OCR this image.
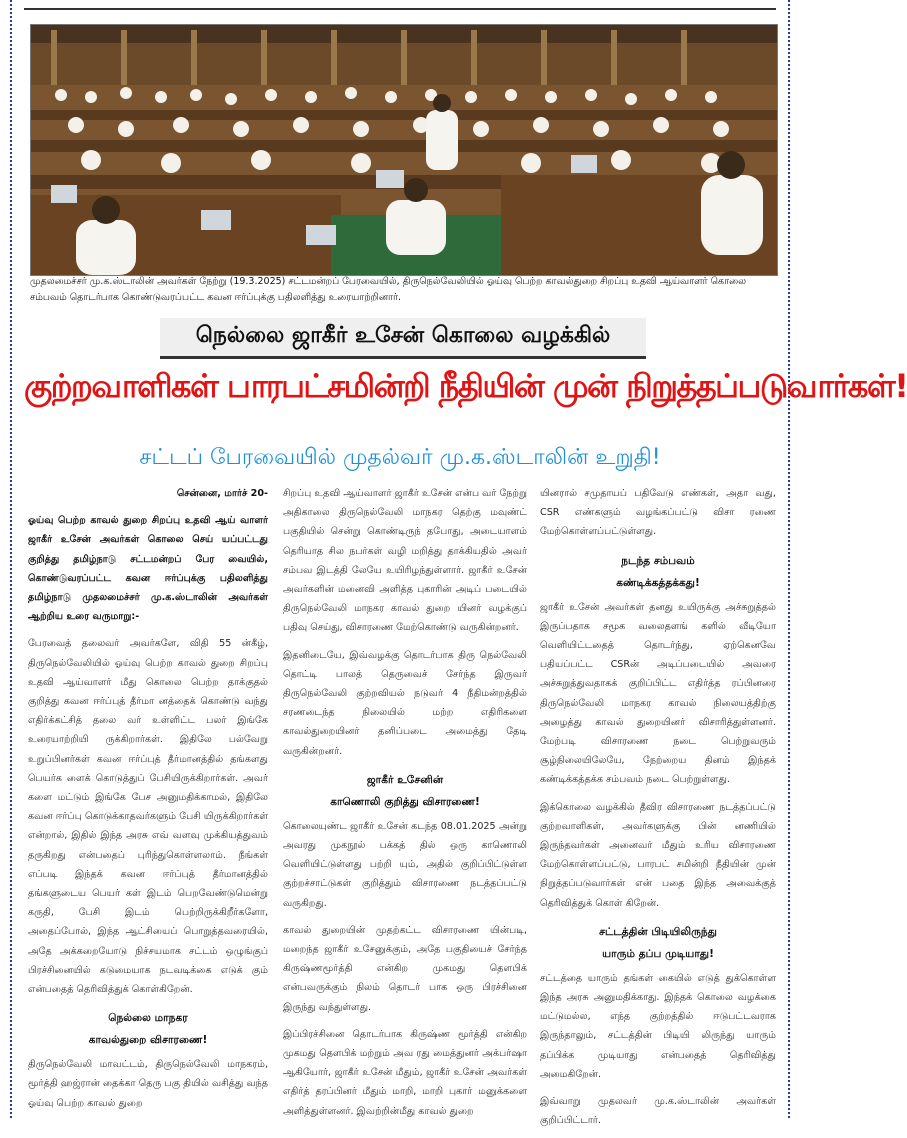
முதலமைச்சர் மு.க.ஸ்டாலின் அவர்கள் நேற்று (19.3.2025) சட்டமன்றப் பேரவையில், திருநெல்வேலியில் ஓய்வு பெற்ற காவல்துறை சிறப்பு உதவி ஆய்வாளர் கொலை சம்பவம் தொடர்பாக கொண்டுவரப்பட்ட கவன ஈர்ப்புக்கு பதிலளித்து உரையாற்றினார்.
நெல்லை ஜாகீர் உசேன் கொலை வழக்கில்
குற்றவாளிகள் பாரபட்சமின்றி நீதியின் முன் நிறுத்தப்படுவார்கள்!
சட்டப் பேரவையில் முதல்வர் மு.க.ஸ்டாலின் உறுதி!

சென்னை, மார்ச் 20-

ஓய்வு பெற்ற காவல் துறை சிறப்பு உதவி ஆய் வாளர் ஜாகீர் உசேன் அவர்கள் கொலை செய் யப்பட்டது குறித்து தமிழ்நாடு சட்டமன்றப் பேர வையில், கொண்டுவரப்பட்ட கவன ஈர்ப்புக்கு பதிலளித்து தமிழ்நாடு முதலமைச்சர் மு.க.ஸ்டாலின் அவர்கள் ஆற்றிய உரை வருமாறு:-

பேரவைத் தலைவர் அவர்களே, விதி 55 ன்கீழ், திருநெல்வேலியில் ஓய்வு பெற்ற காவல் துறை சிறப்பு உதவி ஆய்வாளர் மீது கொலை பெற்ற தாக்குதல் குறித்து கவன ஈர்ப்புத் தீர்மா னத்தைக் கொண்டு வந்து எதிர்க்கட்சித் தலை வர் உள்ளிட்ட பலர் இங்கே உரையாற்றியி ருக்கிறார்கள். இதிலே பல்வேறு உறுப்பினர்கள் கவன ஈர்ப்புத் தீர்மானத்தில் தங்களது பெயர்க ளைக் கொடுத்துப் பேசியிருக்கிறார்கள். அவர் களை மட்டும் இங்கே பேச அனுமதிக்காமல், இதிலே கவன ஈர்ப்பு கொடுக்காதவர்களும் பேசி யிருக்கிறார்கள் என்றால், இதில் இந்த அரசு எவ் வளவு முக்கியத்துவம் தருகிறது என்பதைப் புரிந்துகொள்ளலாம். நீங்கள் எப்படி இந்தக் கவன ஈர்ப்புத் தீர்மானத்தில் தங்களுடைய பெயர் கள் இடம் பெறவேண்டுமென்று கருதி, பேசி இடம் பெற்றிருக்கிறீர்களோ, அதைப்போல், இந்த ஆட்சியைப் பொறுத்தவரையில், அதே அக்கறையோடு நிச்சயமாக சட்டம் ஒழுங்குப் பிரச்சினையில் கடுமையாக நடவடிக்கை எடுக் கும் என்பதைத் தெரிவித்துக் கொள்கிறேன்.

நெல்லை மாநகர
காவல்துறை விசாரணை!

திருநெல்வேலி மாவட்டம், திருநெல்வேலி மாநகரம், மூர்த்தி ஹஜ்ரான் தைக்கா தெரு பகு தியில் வசித்து வந்த ஓய்வு பெற்ற காவல் துறை

சிறப்பு உதவி ஆய்வாளர் ஜாகீர் உசேன் என்ப வர் நேற்று அதிகாலை திருநெல்வேலி மாநகர தெற்கு மவுண்ட் பகுதியில் சென்று கொண்டிருந் தபோது, அடையாளம் தெரியாத சில நபர்கள் வழி மறித்து தாக்கியதில் அவர் சம்பவ இடத்தி லேயே உயிரிழந்துள்ளார். ஜாகீர் உசேன் அவர்களின் மனைவி அளித்த புகாரின் அடிப் படையில் திருநெல்வேலி மாநகர காவல் துறை யினர் வழக்குப் பதிவு செய்து, விசாரணை மேற்கொண்டு வருகின்றனர்.

இதனிடையே, இவ்வழக்கு தொடர்பாக திரு நெல்வேலி தொட்டி பாலத் தெருவைச் சேர்ந்த இருவர் திருநெல்வேலி குற்றவியல் நடுவர் 4 நீதிமன்றத்தில் சரணடைந்த நிலையில் மற்ற எதிரிகளை காவல்துறையினர் தனிப்படை அமைத்து தேடி வருகின்றனர்.

ஜாகீர் உசேனின்
காணொலி குறித்து விசாரணை!

கொலையுண்ட ஜாகீர் உசேன் கடந்த 08.01.2025 அன்று அவரது முகநூல் பக்கத் தில் ஒரு காணொலி வெளியிட்டுள்ளது பற்றி யும், அதில் குறிப்பிட்டுள்ள குற்றச்சாட்டுகள் குறித்தும் விசாரணை நடத்தப்பட்டு வருகிறது.

காவல் துறையின் முதற்கட்ட விசாரணை யின்படி, மறைந்த ஜாகீர் உசேனுக்கும், அதே பகுதியைச் சேர்ந்த கிருஷ்ணமூர்த்தி என்கிற முகமது தௌபிக் என்பவருக்கும் நிலம் தொடர் பாக ஒரு பிரச்சினை இருந்து வந்துள்ளது.

இப்பிரச்சினை தொடர்பாக கிருஷ்ண மூர்த்தி என்கிற முகமது தௌபிக் மற்றும் அவ ரது மைத்துனர் அக்பர்ஷா ஆகியோர், ஜாகீர் உசேன் மீதும், ஜாகீர் உசேன் அவர்கள் எதிர்த் தரப்பினர் மீதும் மாறி, மாறி புகார் மனுக்களை அளித்துள்ளனர். இவற்றின்மீது காவல் துறை

யினரால் சமுதாயப் பதிவேடு எண்கள், அதா வது, CSR எண்களும் வழங்கப்பட்டு விசா ரணை மேற்கொள்ளப்பட்டுள்ளது.

நடந்த சம்பவம்
கண்டிக்கத்தக்கது!

ஜாகீர் உசேன் அவர்கள் தனது உயிருக்கு அச்சுறுத்தல் இருப்பதாக சமூக வலைதளங் களில் வீடியோ வெளியிட்டதைத் தொடர்ந்து, ஏற்கெனவே பதியப்பட்ட CSRன் அடிப்படையில் அவரை அச்சுறுத்துவதாகக் குறிப்பிட்ட எதிர்த்த ரப்பினரை திருநெல்வேலி மாநகர காவல் நிலையத்திற்கு அழைத்து காவல் துறையினர் விசாரித்துள்ளனர். மேற்படி விசாரணை நடை பெற்றுவரும் சூழ்நிலையிலேயே, நேற்றைய தினம் இந்தக் கண்டிக்கத்தக்க சம்பவம் நடை பெற்றுள்ளது.

இக்கொலை வழக்கில் தீவிர விசாரணை நடத்தப்பட்டு குற்றவாளிகள், அவர்களுக்கு பின் னணியில் இருந்தவர்கள் அனைவர் மீதும் உரிய விசாரணை மேற்கொள்ளப்பட்டு, பாரபட் சமின்றி நீதியின் முன் நிறுத்தப்படுவார்கள் என் பதை இந்த அவைக்குத் தெரிவித்துக் கொள் கிறேன்.

சட்டத்தின் பிடியிலிருந்து
யாரும் தப்ப முடியாது!

சட்டத்தை யாரும் தங்கள் கையில் எடுத் துக்கொள்ள இந்த அரசு அனுமதிக்காது. இந்தக் கொலை வழக்கை மட்டுமல்ல, எந்த குற்றத்தில் ஈடுபட்டவராக இருந்தாலும், சட்டத்தின் பிடியி லிருந்து யாரும் தப்பிக்க முடியாது என்பதைத் தெரிவித்து அமைகிறேன்.

இவ்வாறு முதலவர் மு.க.ஸ்டாலின் அவர்கள் குறிப்பிட்டார்.
